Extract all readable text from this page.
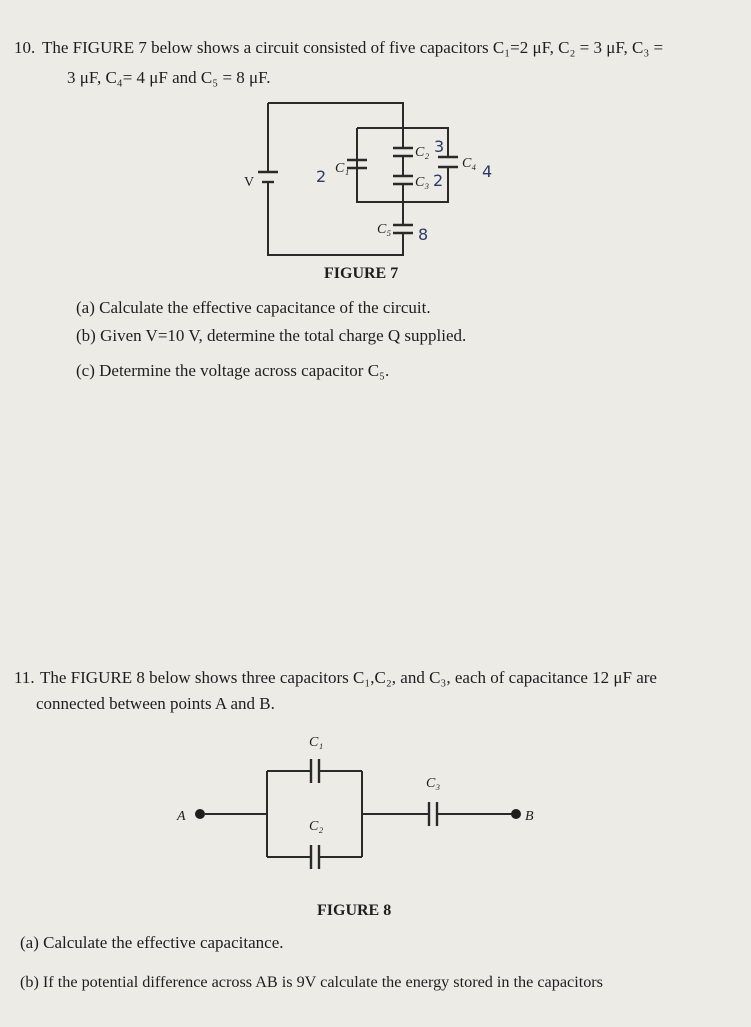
10. The FIGURE 7 below shows a circuit consisted of five capacitors C₁=2 μF, C₂ = 3 μF, C₃ =
3 μF, C₄= 4 μF and C₅ = 8 μF.
V
C₁
2
C₂ 3
C₃ 2
C₄ 4
C₅ 8
FIGURE 7
(a) Calculate the effective capacitance of the circuit.
(b) Given V=10 V, determine the total charge Q supplied.
(c) Determine the voltage across capacitor C₅.
11. The FIGURE 8 below shows three capacitors C₁,C₂, and C₃, each of capacitance 12 μF are
connected between points A and B.
A
C₁
C₂
C₃
B
FIGURE 8
(a) Calculate the effective capacitance.
(b) If the potential difference across AB is 9V calculate the energy stored in the capacitors
